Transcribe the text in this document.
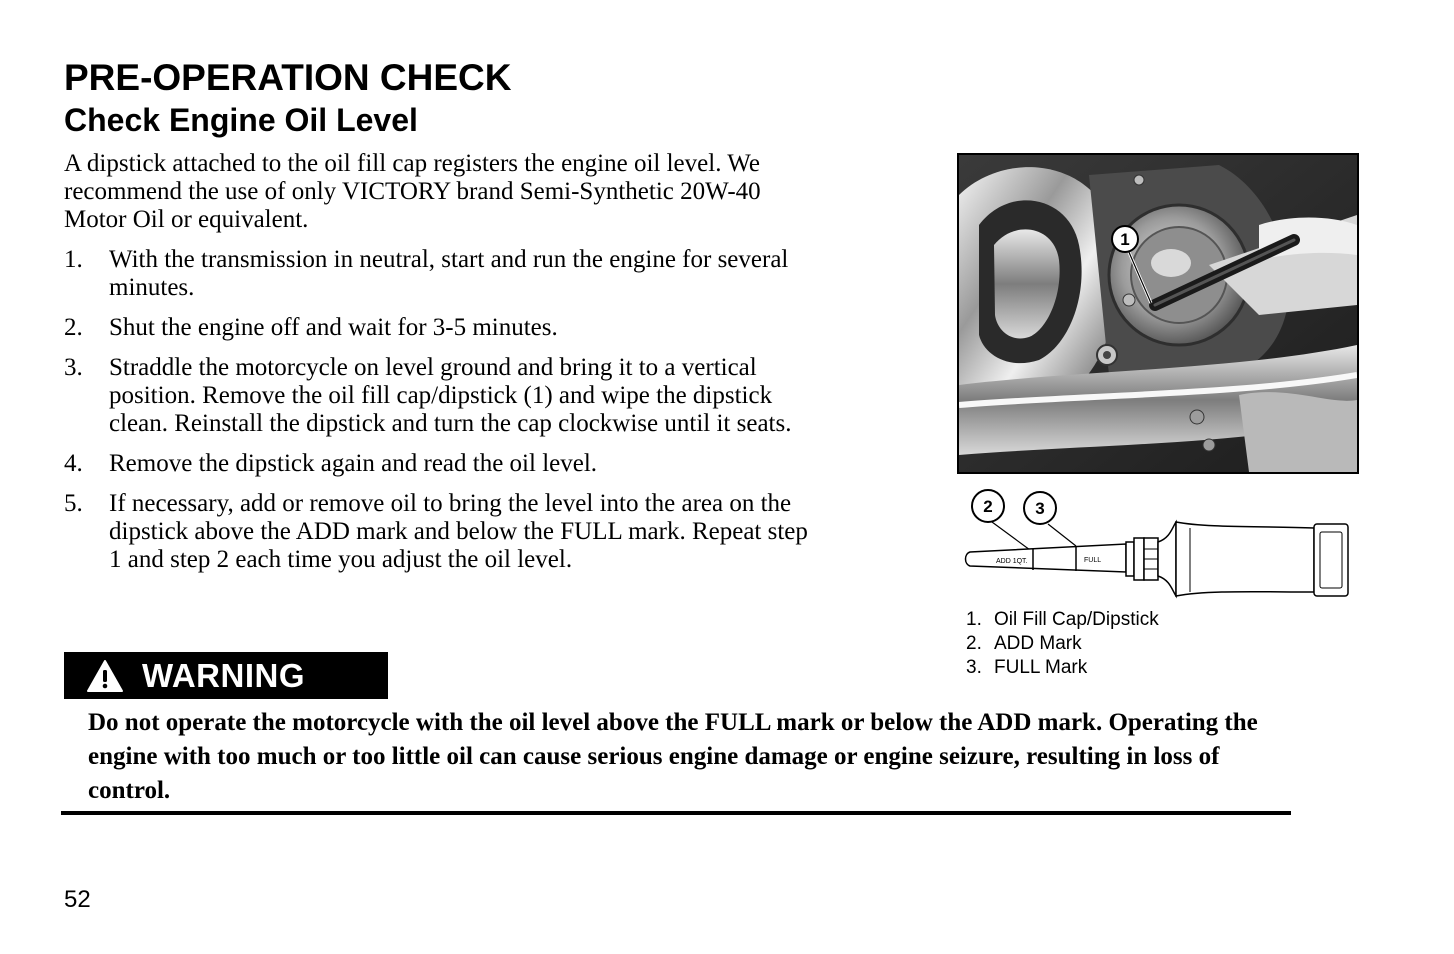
PRE-OPERATION CHECK
Check Engine Oil Level

A dipstick attached to the oil fill cap registers the engine oil level. We recommend the use of only VICTORY brand Semi-Synthetic 20W-40 Motor Oil or equivalent.

1.	With the transmission in neutral, start and run the engine for several minutes.
2.	Shut the engine off and wait for 3-5 minutes.
3.	Straddle the motorcycle on level ground and bring it to a vertical position. Remove the oil fill cap/dipstick (1) and wipe the dipstick clean. Reinstall the dipstick and turn the cap clockwise until it seats.
4.	Remove the dipstick again and read the oil level.
5.	If necessary, add or remove oil to bring the level into the area on the dipstick above the ADD mark and below the FULL mark. Repeat step 1 and step 2 each time you adjust the oil level.
WARNING

Do not operate the motorcycle with the oil level above the FULL mark or below the ADD mark. Operating the engine with too much or too little oil can cause serious engine damage or engine seizure, resulting in loss of control.

52
1
2	3
ADD 1QT.	FULL
1. Oil Fill Cap/Dipstick
2. ADD Mark
3. FULL Mark
